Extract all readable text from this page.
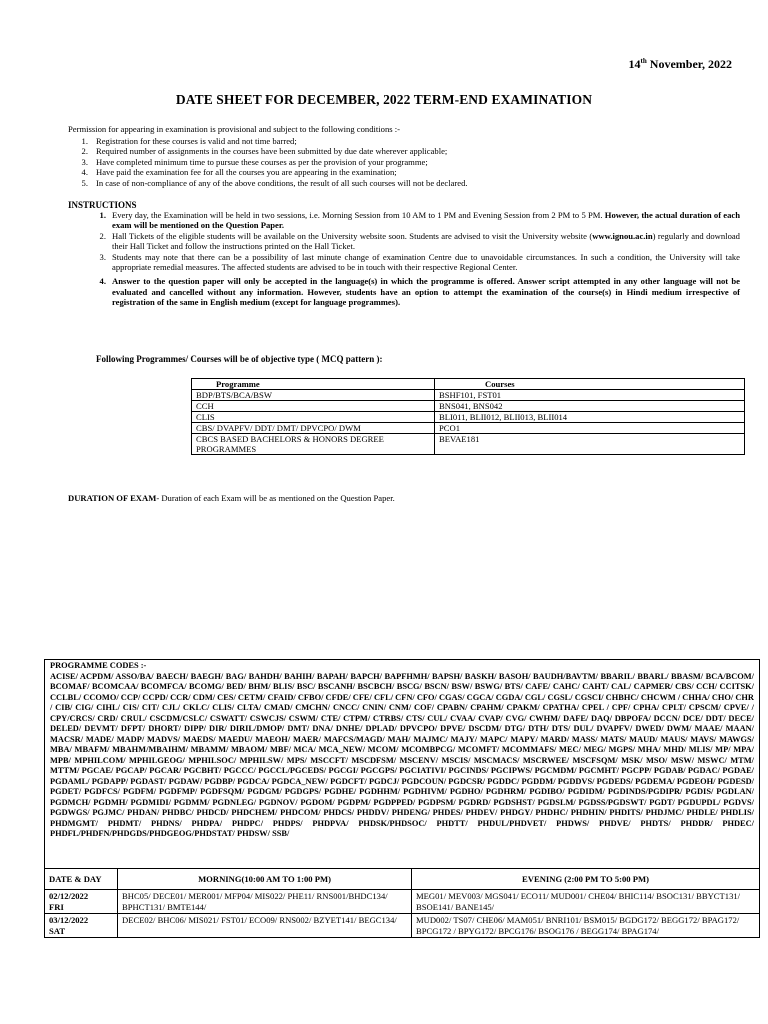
14th November, 2022
DATE SHEET FOR DECEMBER, 2022 TERM-END EXAMINATION
Permission for appearing in examination is provisional and subject to the following conditions :-
1. Registration for these courses is valid and not time barred;
2. Required number of assignments in the courses have been submitted by due date wherever applicable;
3. Have completed minimum time to pursue these courses as per the provision of your programme;
4. Have paid the examination fee for all the courses you are appearing in the examination;
5. In case of non-compliance of any of the above conditions, the result of all such courses will not be declared.
INSTRUCTIONS
1. Every day, the Examination will be held in two sessions, i.e. Morning Session from 10 AM to 1 PM and Evening Session from 2 PM to 5 PM. However, the actual duration of each exam will be mentioned on the Question Paper.
2. Hall Tickets of the eligible students will be available on the University website soon. Students are advised to visit the University website (www.ignou.ac.in) regularly and download their Hall Ticket and follow the instructions printed on the Hall Ticket.
3. Students may note that there can be a possibility of last minute change of examination Centre due to unavoidable circumstances. In such a condition, the University will take appropriate remedial measures. The affected students are advised to be in touch with their respective Regional Center.
4. Answer to the question paper will only be accepted in the language(s) in which the programme is offered. Answer script attempted in any other language will not be evaluated and cancelled without any information. However, students have an option to attempt the examination of the course(s) in Hindi medium irrespective of registration of the same in English medium (except for language programmes).
Following Programmes/ Courses will be of objective type ( MCQ pattern ):
Programme	Courses
BDP/BTS/BCA/BSW	BSHF101, FST01
CCH	BNS041, BNS042
CLIS	BLI011, BLII012, BLII013, BLII014
CBS/ DVAPFV/ DDT/ DMT/ DPVCPO/ DWM	PCO1
CBCS BASED BACHELORS & HONORS DEGREE PROGRAMMES	BEVAE181
DURATION OF EXAM- Duration of each Exam will be as mentioned on the Question Paper.
PROGRAMME CODES :-
ACISE/ ACPDM/ ASSO/BA/ BAECH/ BAEGH/ BAG/ BAHDH/ BAHIH/ BAPAH/ BAPCH/ BAPFHMH/ BAPSH/ BASKH/ BASOH/ BAUDH/BAVTM/ BBARIL/ BBARL/ BBASM/ BCA/BCOM/ BCOMAF/ BCOMCAA/ BCOMFCA/ BCOMG/ BED/ BHM/ BLIS/ BSC/ BSCANH/ BSCBCH/ BSCG/ BSCN/ BSW/ BSWG/ BTS/ CAFE/ CAHC/ CAHT/ CAL/ CAPMER/ CBS/ CCH/ CCITSK/ CCLBL/ CCOMO/ CCP/ CCPD/ CCR/ CDM/ CES/ CETM/ CFAID/ CFBO/ CFDE/ CFE/ CFL/ CFN/ CFO/ CGAS/ CGCA/ CGDA/ CGL/ CGSL/ CGSCI/ CHBHC/ CHCWM / CHHA/ CHO/ CHR / CIB/ CIG/ CIHL/ CIS/ CIT/ CJL/ CKLC/ CLIS/ CLTA/ CMAD/ CMCHN/ CNCC/ CNIN/ CNM/ COF/ CPABN/ CPAHM/ CPAKM/ CPATHA/ CPEL / CPF/ CPHA/ CPLT/ CPSCM/ CPVE/ / CPY/CRCS/ CRD/ CRUL/ CSCDM/CSLC/ CSWATT/ CSWCJS/ CSWM/ CTE/ CTPM/ CTRBS/ CTS/ CUL/ CVAA/ CVAP/ CVG/ CWHM/ DAFE/ DAQ/ DBPOFA/ DCCN/ DCE/ DDT/ DECE/ DELED/ DEVMT/ DFPT/ DHORT/ DIPP/ DIR/ DIRIL/DMOP/ DMT/ DNA/ DNHE/ DPLAD/ DPVCPO/ DPVE/ DSCDM/ DTG/ DTH/ DTS/ DUL/ DVAPFV/ DWED/ DWM/ MAAE/ MAAN/ MACSR/ MADE/ MADP/ MADVS/ MAEDS/ MAEDU/ MAEOH/ MAER/ MAFCS/MAGD/ MAH/ MAJMC/ MAJY/ MAPC/ MAPY/ MARD/ MASS/ MATS/ MAUD/ MAUS/ MAVS/ MAWGS/ MBA/ MBAFM/ MBAHM/MBAIHM/ MBAMM/ MBAOM/ MBF/ MCA/ MCA_NEW/ MCOM/ MCOMBPCG/ MCOMFT/ MCOMMAFS/ MEC/ MEG/ MGPS/ MHA/ MHD/ MLIS/ MP/ MPA/ MPB/ MPHILCOM/ MPHILGEOG/ MPHILSOC/ MPHILSW/ MPS/ MSCCFT/ MSCDFSM/ MSCENV/ MSCIS/ MSCMACS/ MSCRWEE/ MSCFSQM/ MSK/ MSO/ MSW/ MSWC/ MTM/ MTTM/ PGCAE/ PGCAP/ PGCAR/ PGCBHT/ PGCCC/ PGCCL/PGCEDS/ PGCGI/ PGCGPS/ PGCIATIVI/ PGCINDS/ PGCIPWS/ PGCMDM/ PGCMHT/ PGCPP/ PGDAB/ PGDAC/ PGDAE/ PGDAML/ PGDAPP/ PGDAST/ PGDAW/ PGDBP/ PGDCA/ PGDCA_NEW/ PGDCFT/ PGDCJ/ PGDCOUN/ PGDCSR/ PGDDC/ PGDDM/ PGDDVS/ PGDEDS/ PGDEMA/ PGDEOH/ PGDESD/ PGDET/ PGDFCS/ PGDFM/ PGDFMP/ PGDFSQM/ PGDGM/ PGDGPS/ PGDHE/ PGDHHM/ PGDHIVM/ PGDHO/ PGDHRM/ PGDIBO/ PGDIDM/ PGDINDS/PGDIPR/ PGDIS/ PGDLAN/ PGDMCH/ PGDMH/ PGDMIDI/ PGDMM/ PGDNLEG/ PGDNOV/ PGDOM/ PGDPM/ PGDPPED/ PGDPSM/ PGDRD/ PGDSHST/ PGDSLM/ PGDSS/PGDSWT/ PGDT/ PGDUPDL/ PGDVS/ PGDWGS/ PGJMC/ PHDAN/ PHDBC/ PHDCD/ PHDCHEM/ PHDCOM/ PHDCS/ PHDDV/ PHDENG/ PHDES/ PHDEV/ PHDGY/ PHDHC/ PHDHIN/ PHDITS/ PHDJMC/ PHDLE/ PHDLIS/ PHDMGMT/ PHDMT/ PHDNS/ PHDPA/ PHDPC/ PHDPS/ PHDPVA/ PHDSK/PHDSOC/ PHDTT/ PHDUL/PHDVET/ PHDWS/ PHDVE/ PHDTS/ PHDDR/ PHDEC/ PHDFL/PHDFN/PHDGDS/PHDGEOG/PHDSTAT/ PHDSW/ SSB/
DATE & DAY	MORNING(10:00 AM TO 1:00 PM)	EVENING (2:00 PM TO 5:00 PM)

02/12/2022
FRI	BHC05/ DECE01/ MER001/ MFP04/ MIS022/ PHE11/ RNS001/BHDC134/ BPHCT131/ BMTE144/	MEG01/ MEV003/ MGS041/ ECO11/ MUD001/ CHE04/ BHIC114/ BSOC131/ BBYCT131/ BSOE141/ BANE145/

03/12/2022
SAT	DECE02/ BHC06/ MIS021/ FST01/ ECO09/ RNS002/ BZYET141/ BEGC134/	MUD002/ TS07/ CHE06/ MAM051/ BNRI101/ BSM015/ BGDG172/ BEGG172/ BPAG172/ BPCG172 / BPYG172/ BPCG176/ BSOG176 / BEGG174/ BPAG174/
